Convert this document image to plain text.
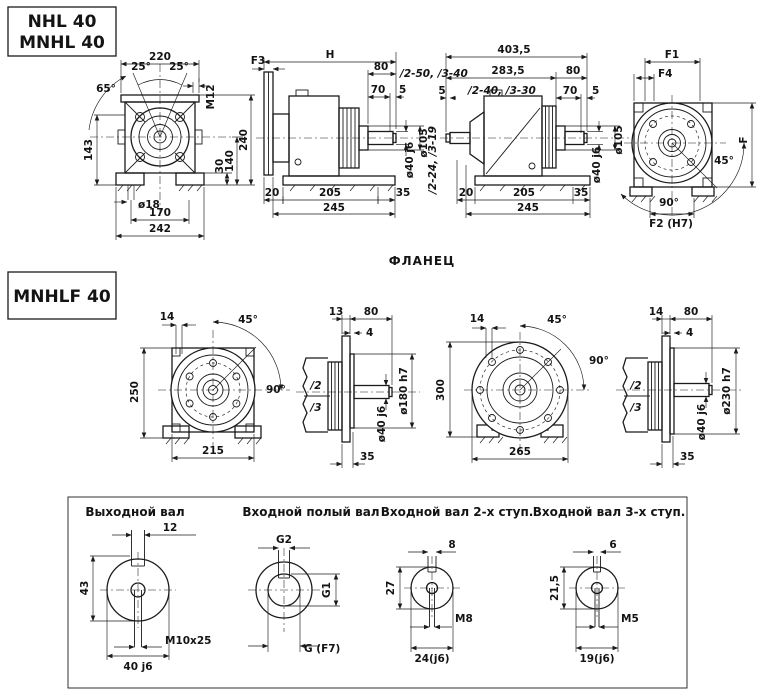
NHL 40
MNHL 40
220
25° 25°
65°	M12
143	240
140
30
ø18
170
242
H
F3	80
/2-50, /3-40
70 5
ø105
ø40 j6
20	205	35
245
403,5
283,5	80
5 /2-40, /3-30	70 5
/2-24, /3-19	ø40 j6
ø105
20	205	35
245
F1
F4
F
45°
90°
F2 (H7)
ФЛАНЕЦ
MNHLF 40
14	45°
90°
250
215
13 80
4
/2
/3	ø180 h7
ø40 j6
35
14	45°
90°
300
265
14 80
4
/2
/3	ø230 h7
ø40 j6
35
Выходной вал
12
43
M10x25
40 j6
Входной полый вал
G2
G1
G (F7)
Входной вал 2-х ступ.
8
27
M8
24(j6)
Входной вал 3-х ступ.
6
21,5
M5
19(j6)
